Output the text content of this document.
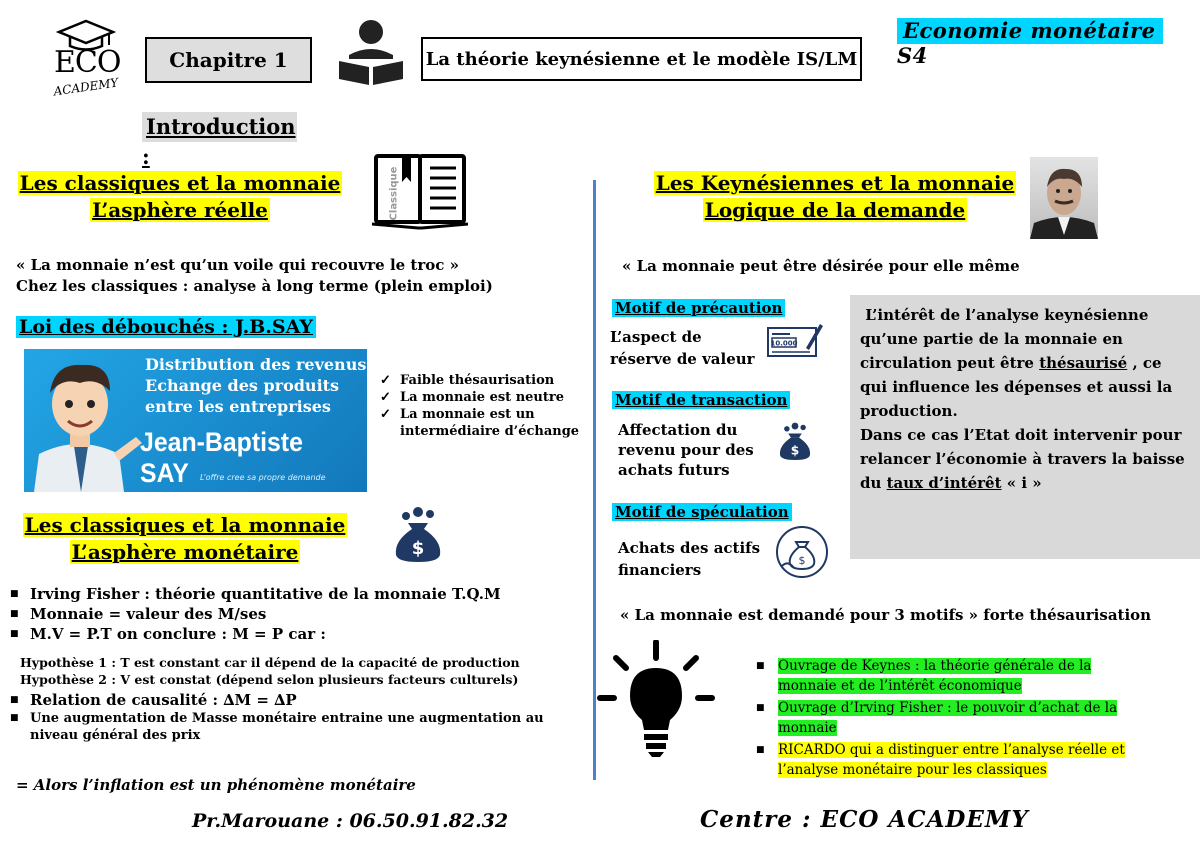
ECO
ACADEMY
Chapitre 1	La théorie keynésienne et le modèle IS/LM
Economie monétaire S4
Introduction :
Les classiques et la monnaie
L’asphère réelle	Classique
« La monnaie n’est qu’un voile qui recouvre le troc »
Chez les classiques : analyse à long terme (plein emploi)
Loi des débouchés : J.B.SAY
Distribution des revenus
Echange des produits
entre les entreprises
Jean-Baptiste SAY	L’offre cree sa propre demande
✓ Faible thésaurisation
✓ La monnaie est neutre
✓ La monnaie est un intermédiaire d’échange
Les classiques et la monnaie
L’asphère monétaire	$
■ Irving Fisher : théorie quantitative de la monnaie T.Q.M
■ Monnaie = valeur des M/ses
■ M.V = P.T on conclure : M = P car :
Hypothèse 1 : T est constant car il dépend de la capacité de production
Hypothèse 2 : V est constat (dépend selon plusieurs facteurs culturels)
■ Relation de causalité : ∆M = ∆P
■ Une augmentation de Masse monétaire entraine une augmentation au niveau général des prix
= Alors l’inflation est un phénomène monétaire
Les Keynésiennes et la monnaie
Logique de la demande
« La monnaie peut être désirée pour elle même
Motif de précaution
L’aspect de réserve de valeur
10.000
Motif de transaction
Affectation du revenu pour des achats futurs
$
Motif de spéculation
Achats des actifs financiers
$
L’intérêt de l’analyse keynésienne qu’une partie de la monnaie en circulation peut être thésaurisé , ce qui influence les dépenses et aussi la production.
Dans ce cas l’Etat doit intervenir pour relancer l’économie à travers la baisse du taux d’intérêt « i »
« La monnaie est demandé pour 3 motifs » forte thésaurisation
■ Ouvrage de Keynes : la théorie générale de la monnaie et de l’intérêt économique
■ Ouvrage d’Irving Fisher : le pouvoir d’achat de la monnaie
■ RICARDO qui a distinguer entre l’analyse réelle et l’analyse monétaire pour les classiques
Pr.Marouane : 06.50.91.82.32	Centre : ECO ACADEMY
